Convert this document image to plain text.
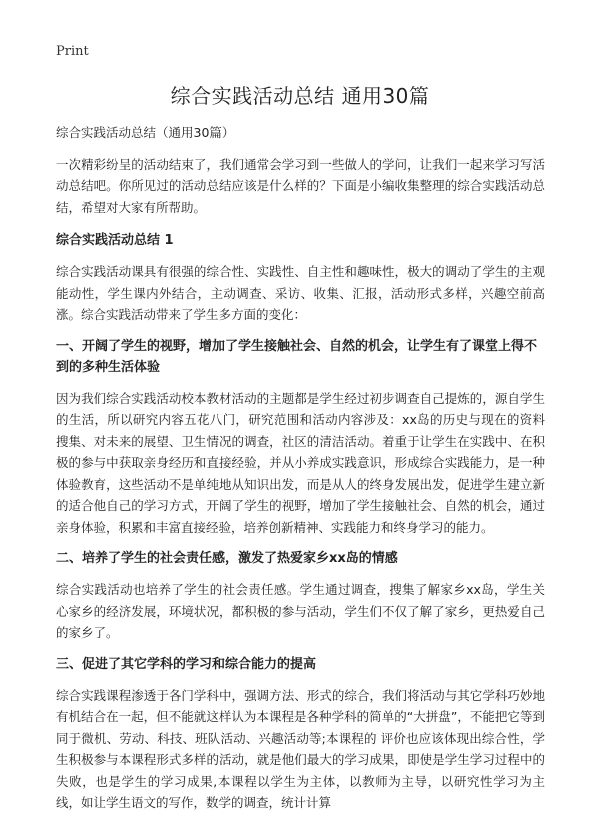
Print
综合实践活动总结 通用30篇

综合实践活动总结（通用30篇）

一次精彩纷呈的活动结束了，我们通常会学习到一些做人的学问，让我们一起来学习写活动总结吧。你所见过的活动总结应该是什么样的？下面是小编收集整理的综合实践活动总结，希望对大家有所帮助。

综合实践活动总结 1

综合实践活动课具有很强的综合性、实践性、自主性和趣味性，极大的调动了学生的主观能动性，学生课内外结合，主动调查、采访、收集、汇报，活动形式多样，兴趣空前高涨。综合实践活动带来了学生多方面的变化：

一、开阔了学生的视野，增加了学生接触社会、自然的机会，让学生有了课堂上得不到的多种生活体验

因为我们综合实践活动校本教材活动的主题都是学生经过初步调查自己提炼的，源自学生的生活，所以研究内容五花八门，研究范围和活动内容涉及：xx岛的历史与现在的资料搜集、对未来的展望、卫生情况的调查，社区的清洁活动。着重于让学生在实践中、在积极的参与中获取亲身经历和直接经验，并从小养成实践意识，形成综合实践能力，是一种体验教育，这些活动不是单纯地从知识出发，而是从人的终身发展出发，促进学生建立新的适合他自己的学习方式，开阔了学生的视野，增加了学生接触社会、自然的机会，通过亲身体验，积累和丰富直接经验，培养创新精神、实践能力和终身学习的能力。

二、培养了学生的社会责任感，激发了热爱家乡xx岛的情感

综合实践活动也培养了学生的社会责任感。学生通过调查，搜集了解家乡xx岛，学生关心家乡的经济发展，环境状况，都积极的参与活动，学生们不仅了解了家乡，更热爱自己的家乡了。

三、促进了其它学科的学习和综合能力的提高

综合实践课程渗透于各门学科中，强调方法、形式的综合，我们将活动与其它学科巧妙地有机结合在一起，但不能就这样认为本课程是各种学科的简单的“大拼盘”，不能把它等到同于微机、劳动、科技、班队活动、兴趣活动等;本课程的 评价也应该体现出综合性，学生积极参与本课程形式多样的活动，就是他们最大的学习成果，即使是学生学习过程中的失败，也是学生的学习成果,本课程以学生为主体，以教师为主导，以研究性学习为主线，如让学生语文的写作，数学的调查，统计计算
